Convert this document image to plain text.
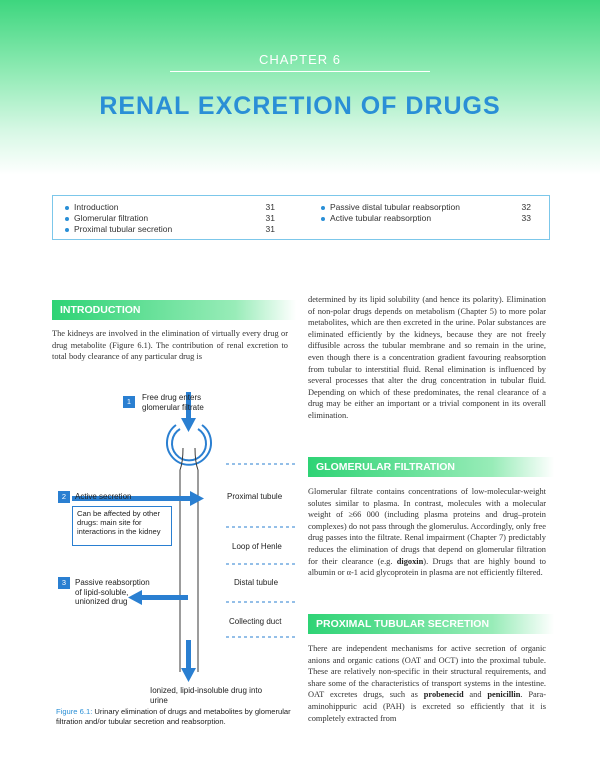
CHAPTER 6
RENAL EXCRETION OF DRUGS
Introduction	31
Glomerular filtration	31
Proximal tubular secretion	31
Passive distal tubular reabsorption	32
Active tubular reabsorption	33
INTRODUCTION
The kidneys are involved in the elimination of virtually every drug or drug metabolite (Figure 6.1). The contribution of renal excretion to total body clearance of any particular drug is
determined by its lipid solubility (and hence its polarity). Elimination of non-polar drugs depends on metabolism (Chapter 5) to more polar metabolites, which are then excreted in the urine. Polar substances are eliminated efficiently by the kidneys, because they are not freely diffusible across the tubular membrane and so remain in the urine, even though there is a concentration gradient favouring reabsorption from tubular to interstitial fluid. Renal elimination is influenced by several processes that alter the drug concentration in tubular fluid. Depending on which of these predominates, the renal clearance of a drug may be either an important or a trivial component in its overall elimination.
GLOMERULAR FILTRATION
Glomerular filtrate contains concentrations of low-molecular-weight solutes similar to plasma. In contrast, molecules with a molecular weight of ≥66 000 (including plasma proteins and drug–protein complexes) do not pass through the glomerulus. Accordingly, only free drug passes into the filtrate. Renal impairment (Chapter 7) predictably reduces the elimination of drugs that depend on glomerular filtration for their clearance (e.g. digoxin). Drugs that are highly bound to albumin or α-1 acid glycoprotein in plasma are not efficiently filtered.
PROXIMAL TUBULAR SECRETION
There are independent mechanisms for active secretion of organic anions and organic cations (OAT and OCT) into the proximal tubule. These are relatively non-specific in their structural requirements, and share some of the characteristics of transport systems in the intestine. OAT excretes drugs, such as probenecid and penicillin. Para-aminohippuric acid (PAH) is excreted so efficiently that it is completely extracted from
1	Free drug enters glomerular filtrate
2	Active secretion
Can be affected by other drugs: main site for interactions in the kidney
3	Passive reabsorption of lipid-soluble, unionized drug
Proximal tubule
Loop of Henle
Distal tubule
Collecting duct
Ionized, lipid-insoluble drug into urine
Figure 6.1: Urinary elimination of drugs and metabolites by glomerular filtration and/or tubular secretion and reabsorption.
